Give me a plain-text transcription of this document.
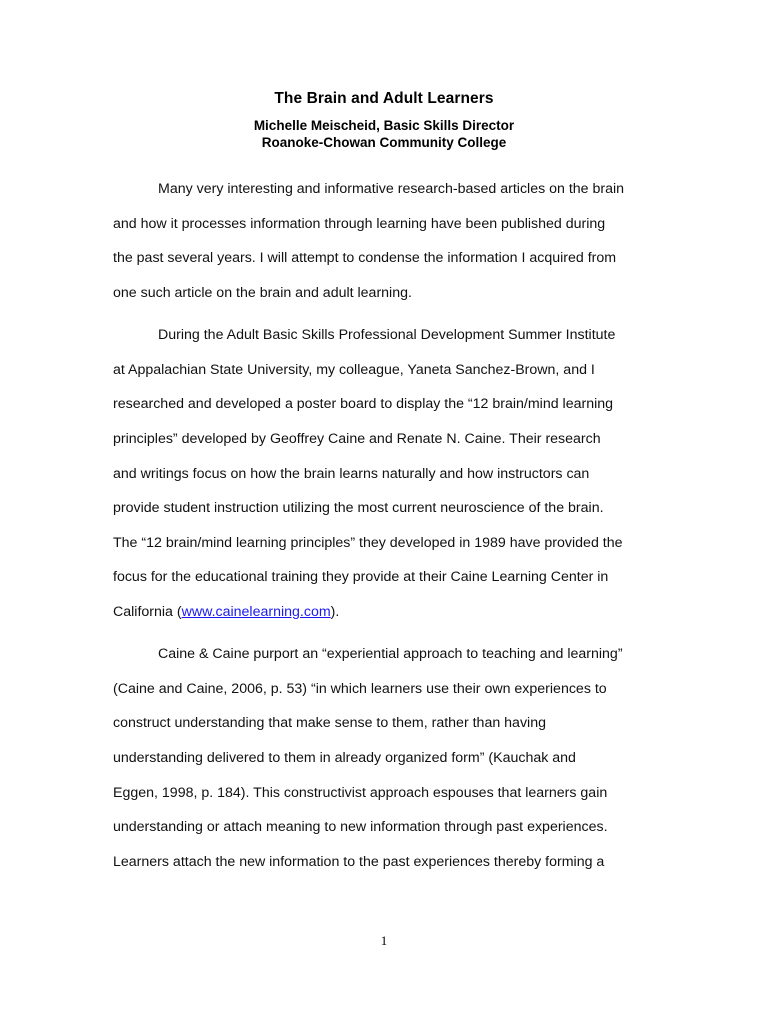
The Brain and Adult Learners
Michelle Meischeid, Basic Skills Director
Roanoke-Chowan Community College
Many very interesting and informative research-based articles on the brain
and how it processes information through learning have been published during
the past several years. I will attempt to condense the information I acquired from
one such article on the brain and adult learning.
During the Adult Basic Skills Professional Development Summer Institute
at Appalachian State University, my colleague, Yaneta Sanchez-Brown, and I
researched and developed a poster board to display the “12 brain/mind learning
principles” developed by Geoffrey Caine and Renate N. Caine. Their research
and writings focus on how the brain learns naturally and how instructors can
provide student instruction utilizing the most current neuroscience of the brain.
The “12 brain/mind learning principles” they developed in 1989 have provided the
focus for the educational training they provide at their Caine Learning Center in
California (www.cainelearning.com).
Caine & Caine purport an “experiential approach to teaching and learning”
(Caine and Caine, 2006, p. 53) “in which learners use their own experiences to
construct understanding that make sense to them, rather than having
understanding delivered to them in already organized form” (Kauchak and
Eggen, 1998, p. 184). This constructivist approach espouses that learners gain
understanding or attach meaning to new information through past experiences.
Learners attach the new information to the past experiences thereby forming a
1
